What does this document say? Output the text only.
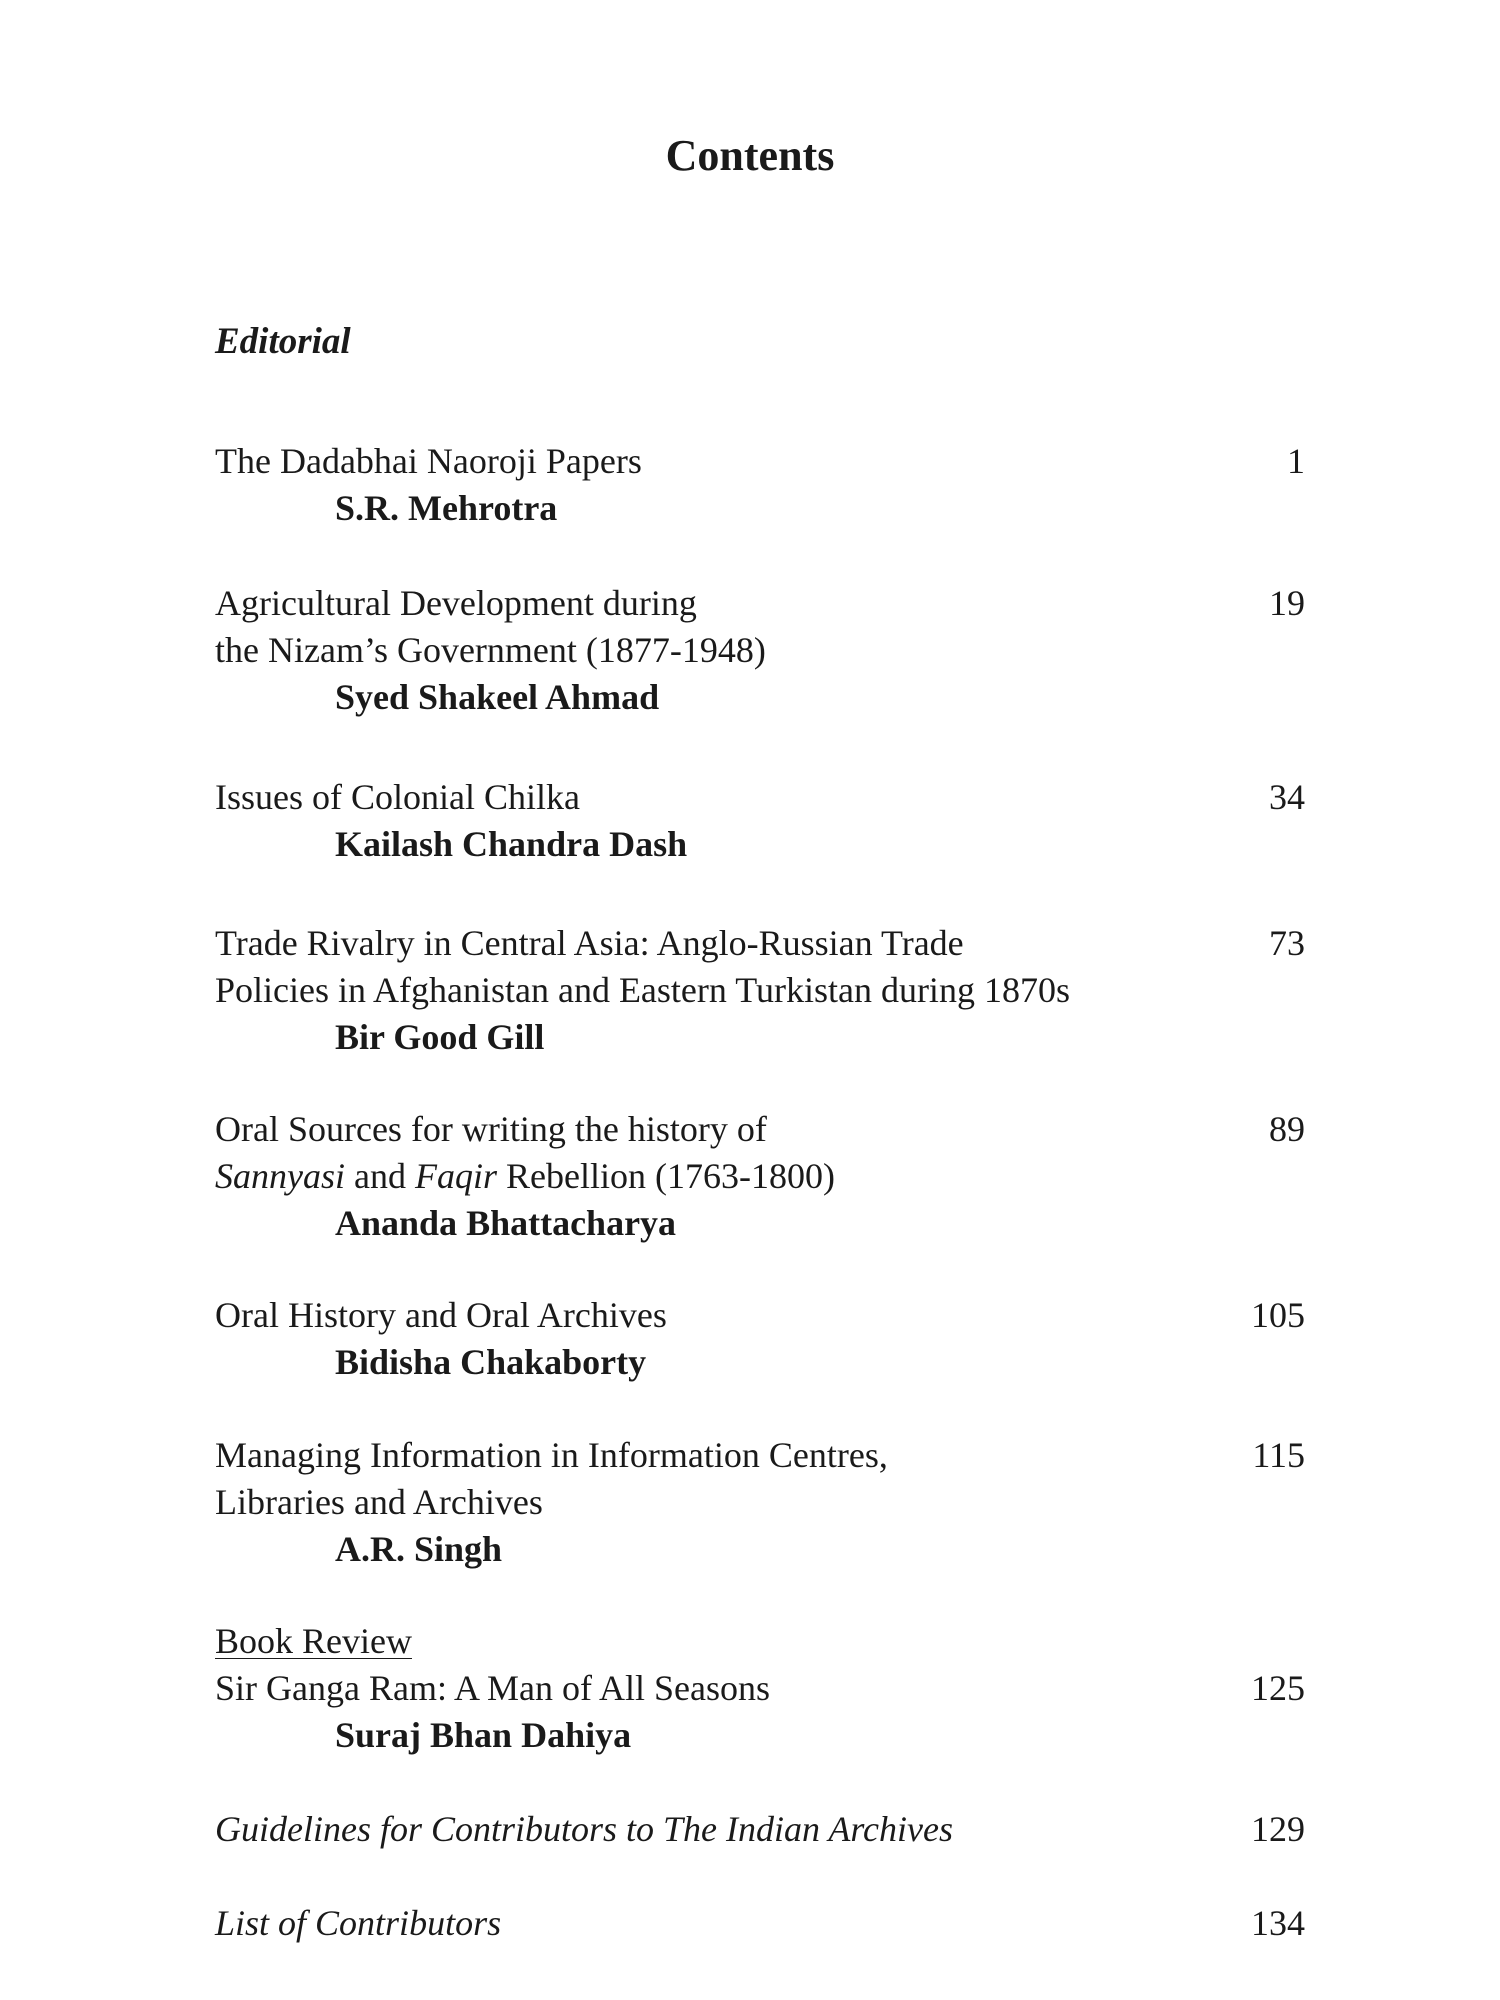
Contents
Editorial
The Dadabhai Naoroji Papers
S.R. Mehrotra
1
Agricultural Development during
the Nizam’s Government (1877-1948)
Syed Shakeel Ahmad
19
Issues of Colonial Chilka
Kailash Chandra Dash
34
Trade Rivalry in Central Asia: Anglo-Russian Trade
Policies in Afghanistan and Eastern Turkistan during 1870s
Bir Good Gill
73
Oral Sources for writing the history of
Sannyasi and Faqir Rebellion (1763-1800)
Ananda Bhattacharya
89
Oral History and Oral Archives
Bidisha Chakaborty
105
Managing Information in Information Centres,
Libraries and Archives
A.R. Singh
115
Book Review
Sir Ganga Ram: A Man of All Seasons
Suraj Bhan Dahiya
125
Guidelines for Contributors to The Indian Archives	129
List of Contributors	134
